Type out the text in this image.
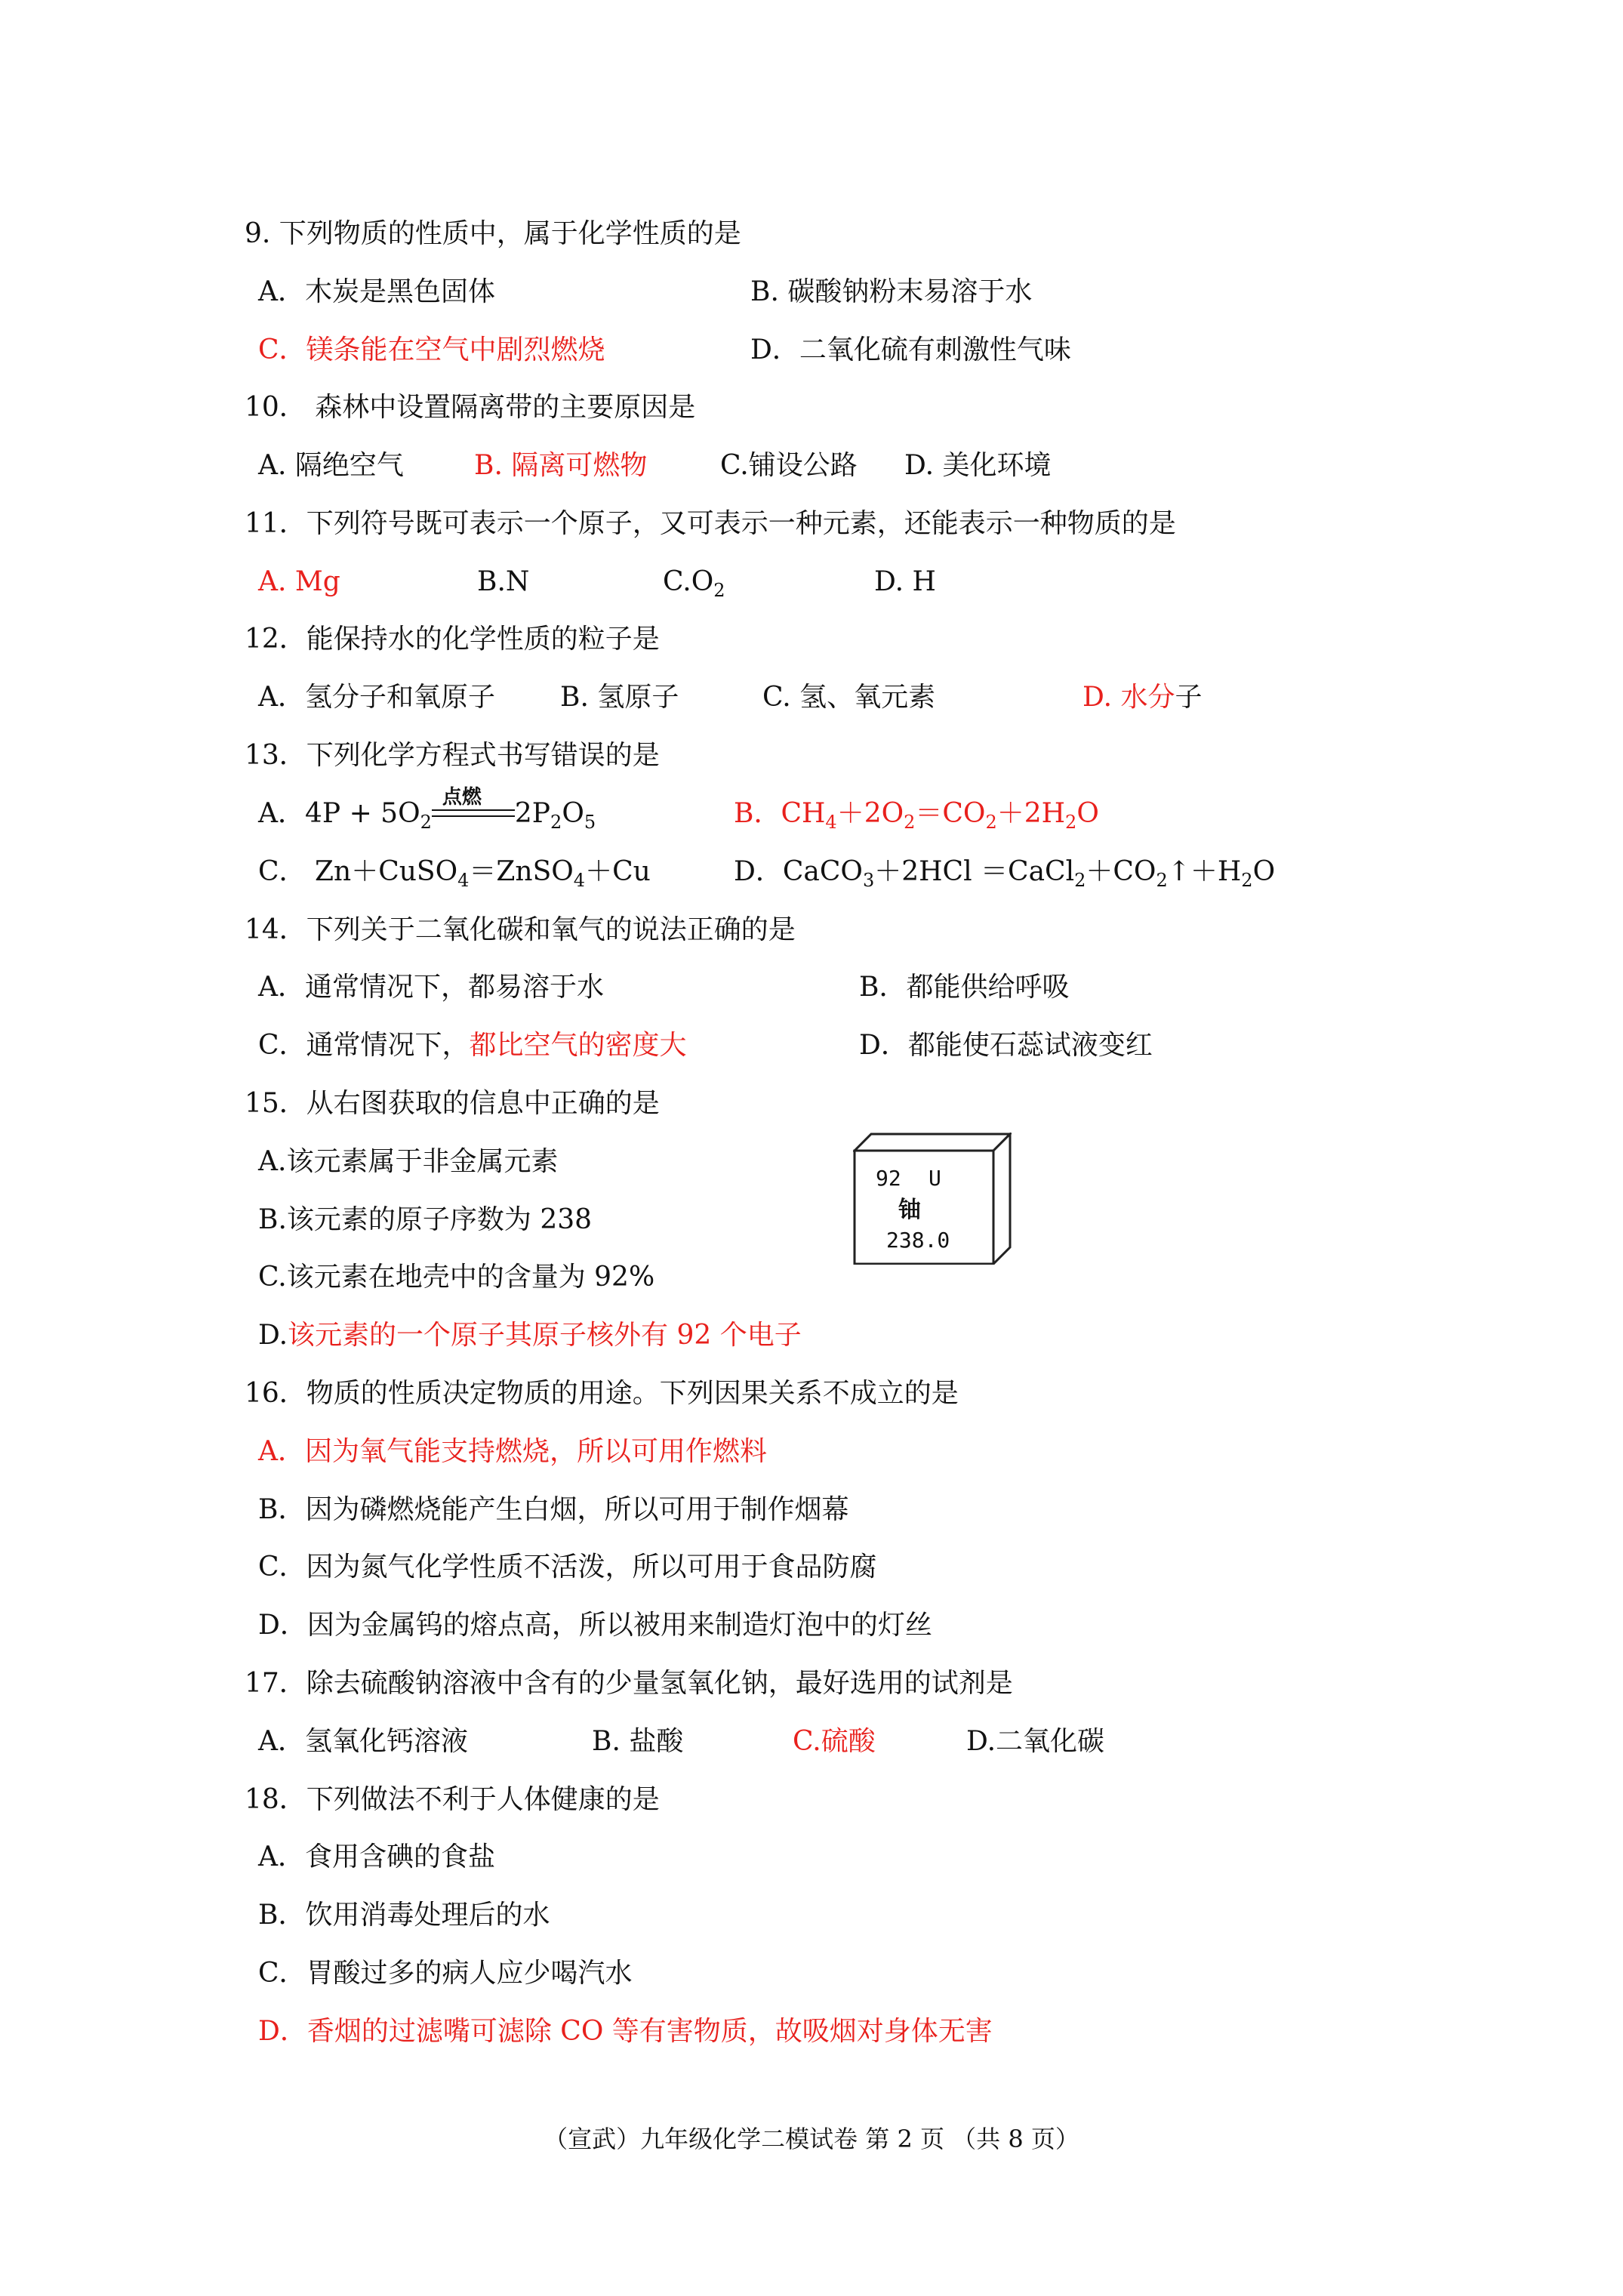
9. 下列物质的性质中，属于化学性质的是
A．木炭是黑色固体	B. 碳酸钠粉末易溶于水
C．镁条能在空气中剧烈燃烧	D．二氧化硫有刺激性气味
10． 森林中设置隔离带的主要原因是
A. 隔绝空气	B. 隔离可燃物	C.铺设公路 D. 美化环境
11．下列符号既可表示一个原子，又可表示一种元素，还能表示一种物质的是
A. Mg	B.N	$C.O_2$	D. H
12．能保持水的化学性质的粒子是
A．氢分子和氧原子 B. 氢原子	C. 氢、氧元素	D. 水分子
13．下列化学方程式书写错误的是
A．$4P + 5O_2$
点燃
$2P_2O_5$	B．$CH_4+2O_2=CO_2+2H_2O$
C． Zn＋CuSO$_4$＝ZnSO$_4$＋Cu	D．CaCO$_3$＋2HCl $=CaCl_2+CO_2↑+H_2O$
14．下列关于二氧化碳和氧气的说法正确的是
A．通常情况下，都易溶于水	B．都能供给呼吸
C．通常情况下，都比空气的密度大	D．都能使石蕊试液变红
15．从右图获取的信息中正确的是
A.该元素属于非金属元素
B.该元素的原子序数为 238
C.该元素在地壳中的含量为 92%
D.该元素的一个原子其原子核外有 92 个电子
92 U
铀
238.0
16．物质的性质决定物质的用途。下列因果关系不成立的是
A．因为氧气能支持燃烧，所以可用作燃料
B．因为磷燃烧能产生白烟，所以可用于制作烟幕
C．因为氮气化学性质不活泼，所以可用于食品防腐
D．因为金属钨的熔点高，所以被用来制造灯泡中的灯丝
17．除去硫酸钠溶液中含有的少量氢氧化钠，最好选用的试剂是
A．氢氧化钙溶液	B. 盐酸	C.硫酸	D.二氧化碳
18．下列做法不利于人体健康的是
A．食用含碘的食盐
B．饮用消毒处理后的水
C．胃酸过多的病人应少喝汽水
D．香烟的过滤嘴可滤除 CO 等有害物质，故吸烟对身体无害
（宣武）九年级化学二模试卷 第 2 页 （共 8 页）
